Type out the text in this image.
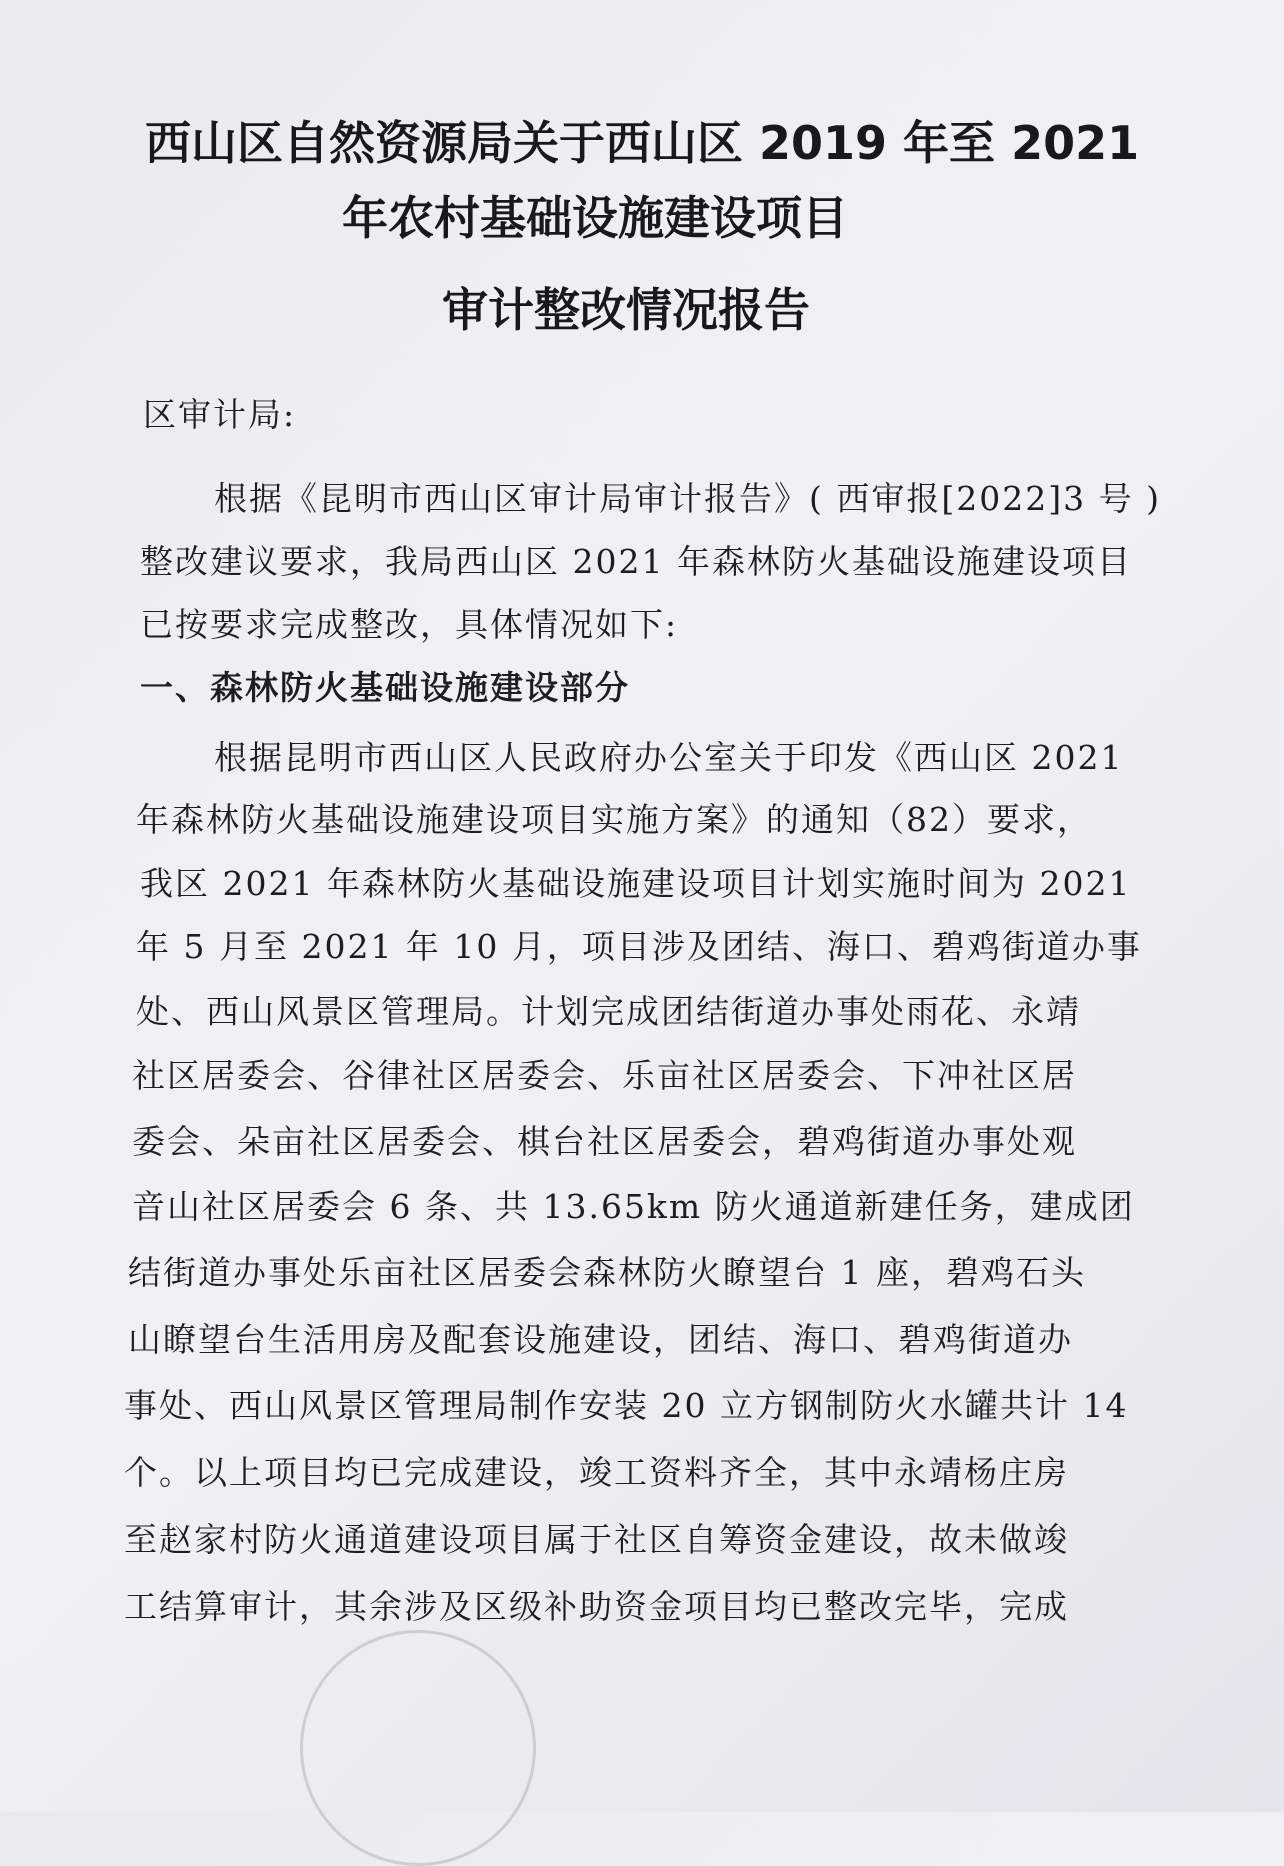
西山区自然资源局关于西山区 2019 年至 2021
年农村基础设施建设项目
审计整改情况报告
区审计局:
根据《昆明市西山区审计局审计报告》( 西审报[2022]3 号 )
整改建议要求，我局西山区 2021 年森林防火基础设施建设项目
已按要求完成整改，具体情况如下:
一、森林防火基础设施建设部分
根据昆明市西山区人民政府办公室关于印发《西山区 2021
年森林防火基础设施建设项目实施方案》的通知（82）要求，
我区 2021 年森林防火基础设施建设项目计划实施时间为 2021
年 5 月至 2021 年 10 月，项目涉及团结、海口、碧鸡街道办事
处、西山风景区管理局。计划完成团结街道办事处雨花、永靖
社区居委会、谷律社区居委会、乐亩社区居委会、下冲社区居
委会、朵亩社区居委会、棋台社区居委会，碧鸡街道办事处观
音山社区居委会 6 条、共 13.65km 防火通道新建任务，建成团
结街道办事处乐亩社区居委会森林防火瞭望台 1 座，碧鸡石头
山瞭望台生活用房及配套设施建设，团结、海口、碧鸡街道办
事处、西山风景区管理局制作安装 20 立方钢制防火水罐共计 14
个。以上项目均已完成建设，竣工资料齐全，其中永靖杨庄房
至赵家村防火通道建设项目属于社区自筹资金建设，故未做竣
工结算审计，其余涉及区级补助资金项目均已整改完毕，完成
